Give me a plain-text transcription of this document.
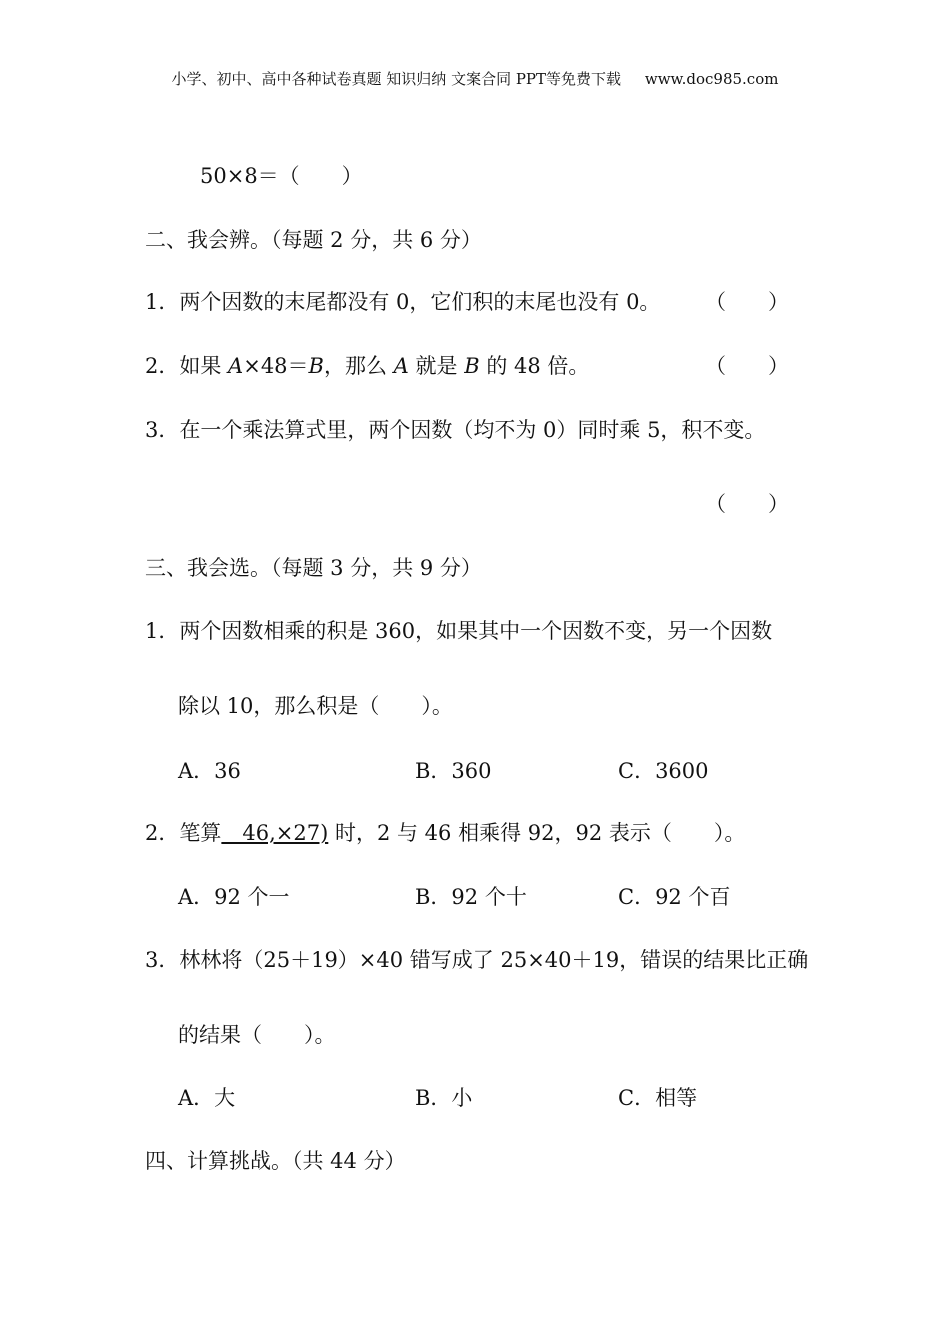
小学、初中、高中各种试卷真题 知识归纳 文案合同 PPT等免费下载     www.doc985.com
50×8＝（　　）
二、我会辨。（每题 2 分，共 6 分）
1．两个因数的末尾都没有 0，它们积的末尾也没有 0。 （　　）
2．如果 A×48＝B，那么 A 就是 B 的 48 倍。	（　　）
3．在一个乘法算式里，两个因数（均不为 0）同时乘 5，积不变。
（　　）
三、我会选。（每题 3 分，共 9 分）
1．两个因数相乘的积是 360，如果其中一个因数不变，另一个因数
除以 10，那么积是（　　）。
A．36	B．360	C．3600
2．笔算　46,×27) 时，2 与 46 相乘得 92，92 表示（　　）。
A．92 个一	B．92 个十	C．92 个百
3．林林将（25＋19）×40 错写成了 25×40＋19，错误的结果比正确
的结果（　　）。
A．大	B．小	C．相等
四、计算挑战。（共 44 分）
